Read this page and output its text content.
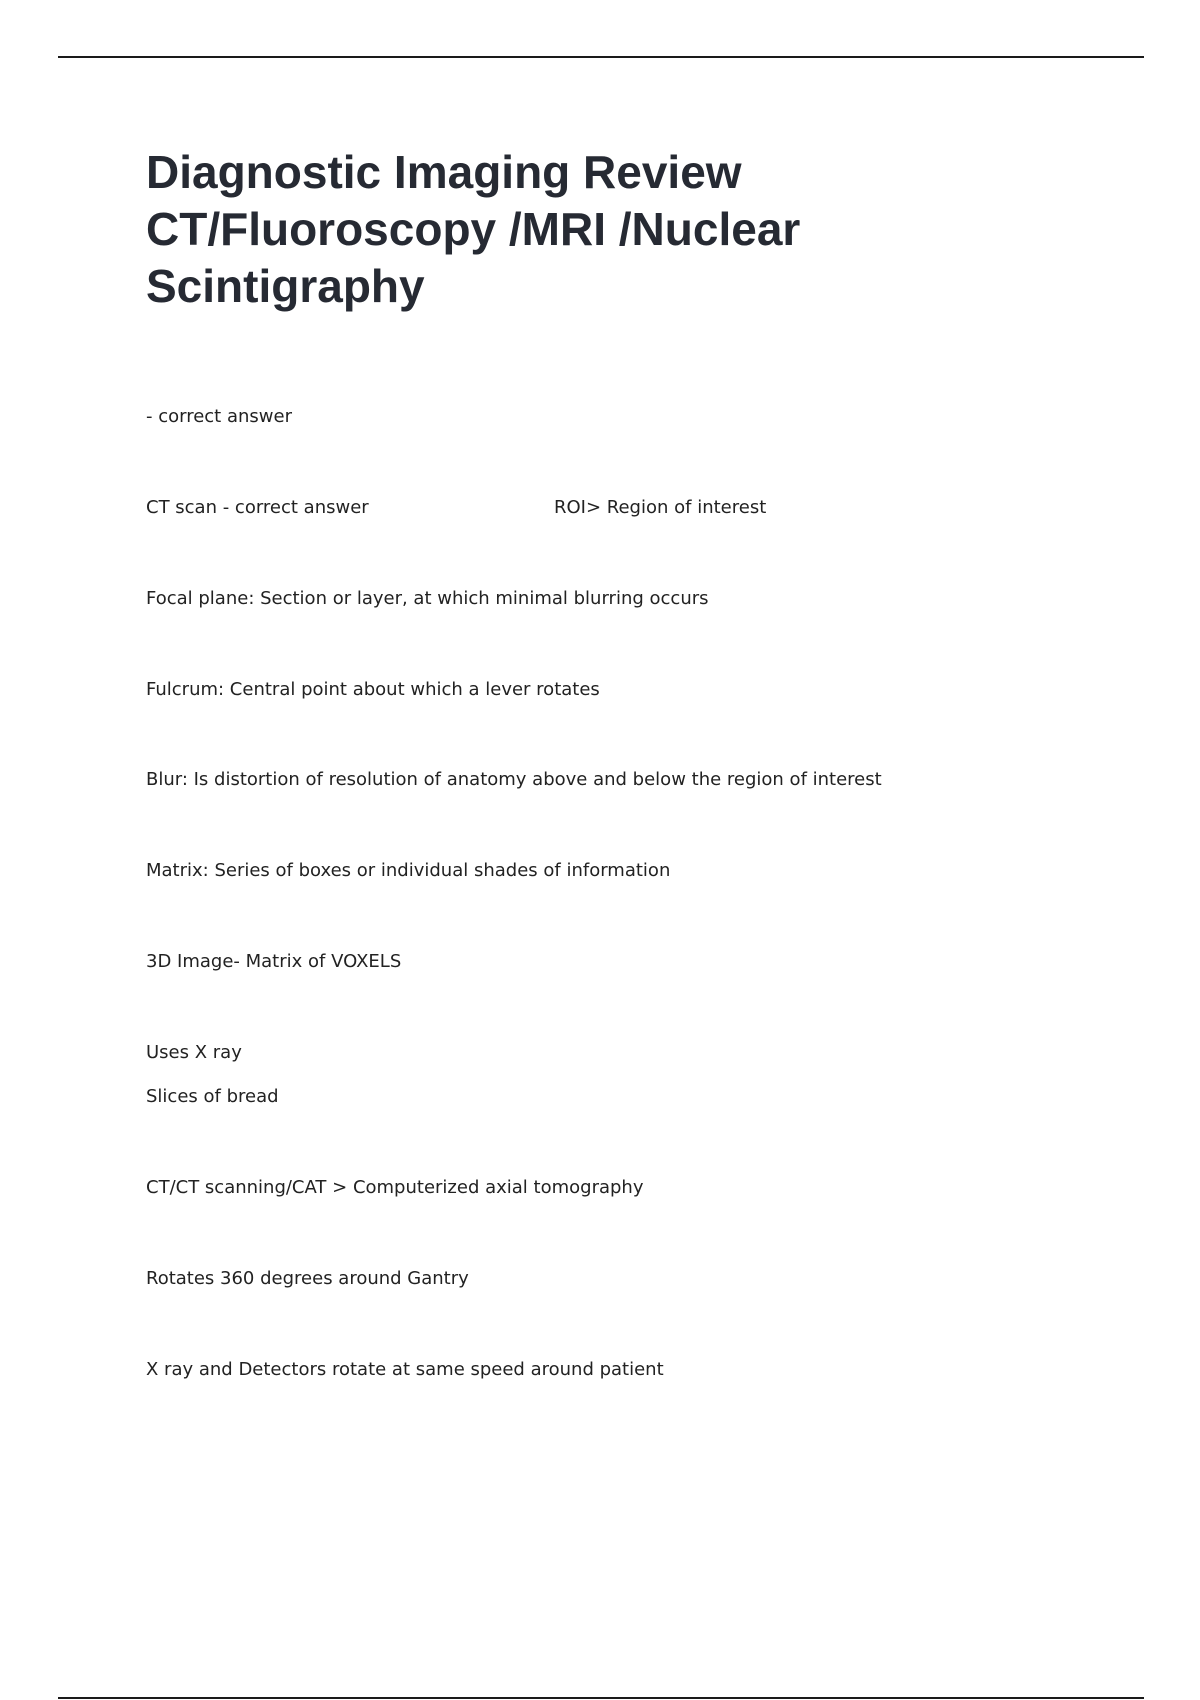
Diagnostic Imaging Review
CT/Fluoroscopy /MRI /Nuclear
Scintigraphy

- correct answer

CT scan - correct answer	ROI> Region of interest

Focal plane: Section or layer, at which minimal blurring occurs

Fulcrum: Central point about which a lever rotates

Blur: Is distortion of resolution of anatomy above and below the region of interest

Matrix: Series of boxes or individual shades of information

3D Image- Matrix of VOXELS

Uses X ray

Slices of bread

CT/CT scanning/CAT > Computerized axial tomography

Rotates 360 degrees around Gantry

X ray and Detectors rotate at same speed around patient
